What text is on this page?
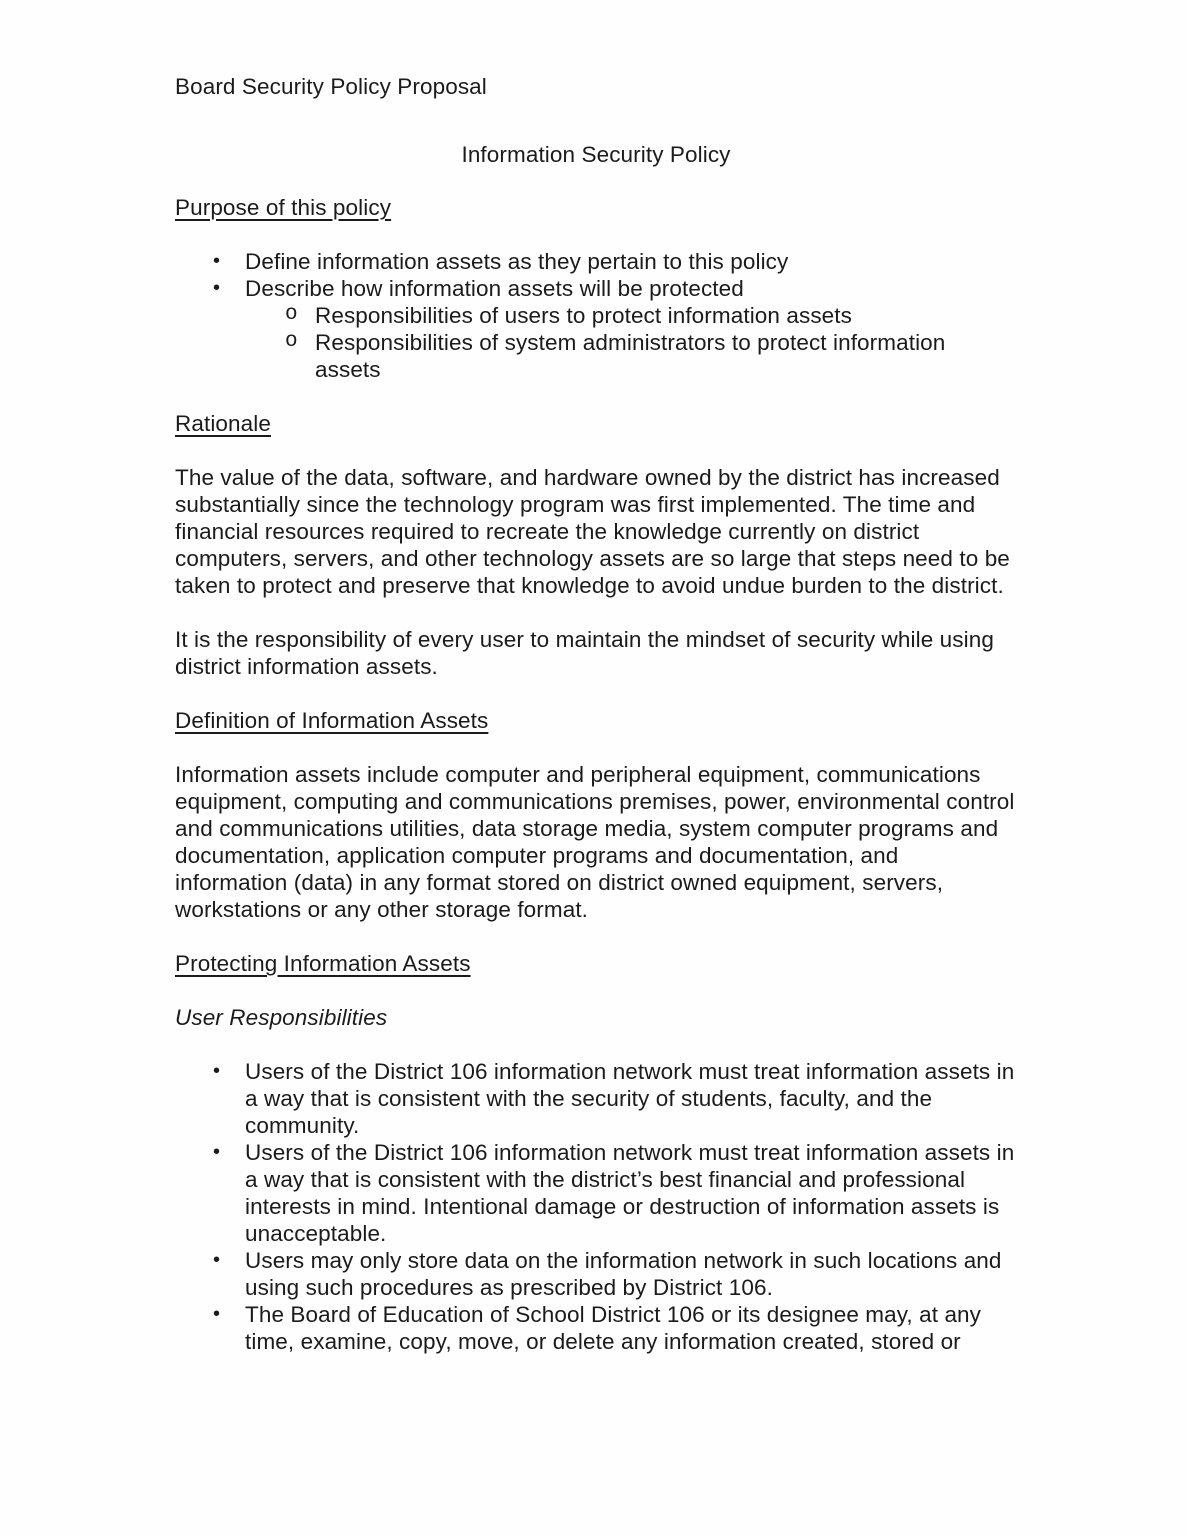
Board Security Policy Proposal

Information Security Policy

Purpose of this policy

• Define information assets as they pertain to this policy
• Describe how information assets will be protected
o Responsibilities of users to protect information assets
o Responsibilities of system administrators to protect information assets

Rationale

The value of the data, software, and hardware owned by the district has increased substantially since the technology program was first implemented. The time and financial resources required to recreate the knowledge currently on district computers, servers, and other technology assets are so large that steps need to be taken to protect and preserve that knowledge to avoid undue burden to the district.

It is the responsibility of every user to maintain the mindset of security while using district information assets.

Definition of Information Assets

Information assets include computer and peripheral equipment, communications equipment, computing and communications premises, power, environmental control and communications utilities, data storage media, system computer programs and documentation, application computer programs and documentation, and information (data) in any format stored on district owned equipment, servers, workstations or any other storage format.

Protecting Information Assets

User Responsibilities

• Users of the District 106 information network must treat information assets in a way that is consistent with the security of students, faculty, and the community.
• Users of the District 106 information network must treat information assets in a way that is consistent with the district’s best financial and professional interests in mind. Intentional damage or destruction of information assets is unacceptable.
• Users may only store data on the information network in such locations and using such procedures as prescribed by District 106.
• The Board of Education of School District 106 or its designee may, at any time, examine, copy, move, or delete any information created, stored or
